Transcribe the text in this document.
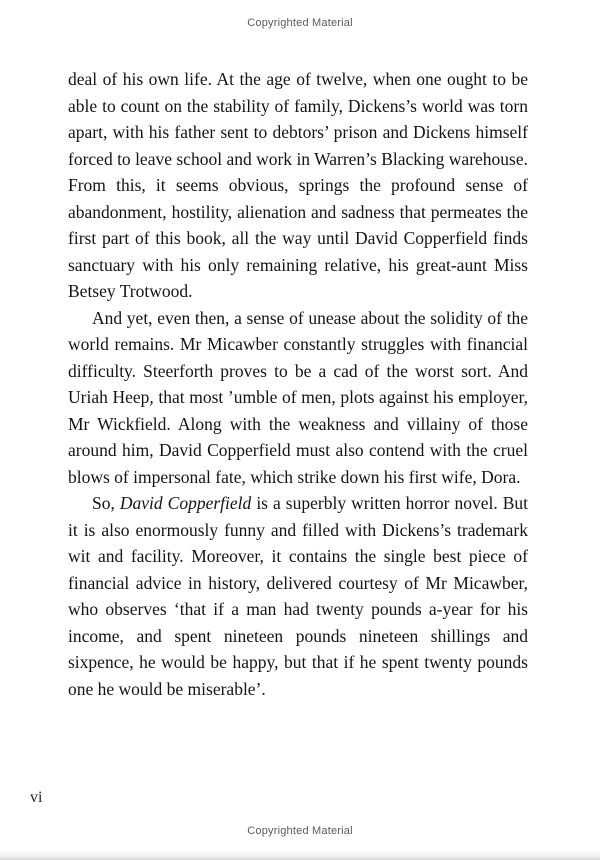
Copyrighted Material

deal of his own life. At the age of twelve, when one ought to be able to count on the stability of family, Dickens’s world was torn apart, with his father sent to debtors’ prison and Dickens himself forced to leave school and work in Warren’s Blacking warehouse. From this, it seems obvious, springs the profound sense of abandonment, hostility, alienation and sadness that permeates the first part of this book, all the way until David Copperfield finds sanctuary with his only remaining relative, his great-aunt Miss Betsey Trotwood.

And yet, even then, a sense of unease about the solidity of the world remains. Mr Micawber constantly struggles with financial difficulty. Steerforth proves to be a cad of the worst sort. And Uriah Heep, that most ’umble of men, plots against his employer, Mr Wickfield. Along with the weakness and villainy of those around him, David Copperfield must also contend with the cruel blows of impersonal fate, which strike down his first wife, Dora.

So, David Copperfield is a superbly written horror novel. But it is also enormously funny and filled with Dickens’s trademark wit and facility. Moreover, it contains the single best piece of financial advice in history, delivered courtesy of Mr Micawber, who observes ‘that if a man had twenty pounds a-year for his income, and spent nineteen pounds nineteen shillings and sixpence, he would be happy, but that if he spent twenty pounds one he would be miserable’.

vi
Copyrighted Material
